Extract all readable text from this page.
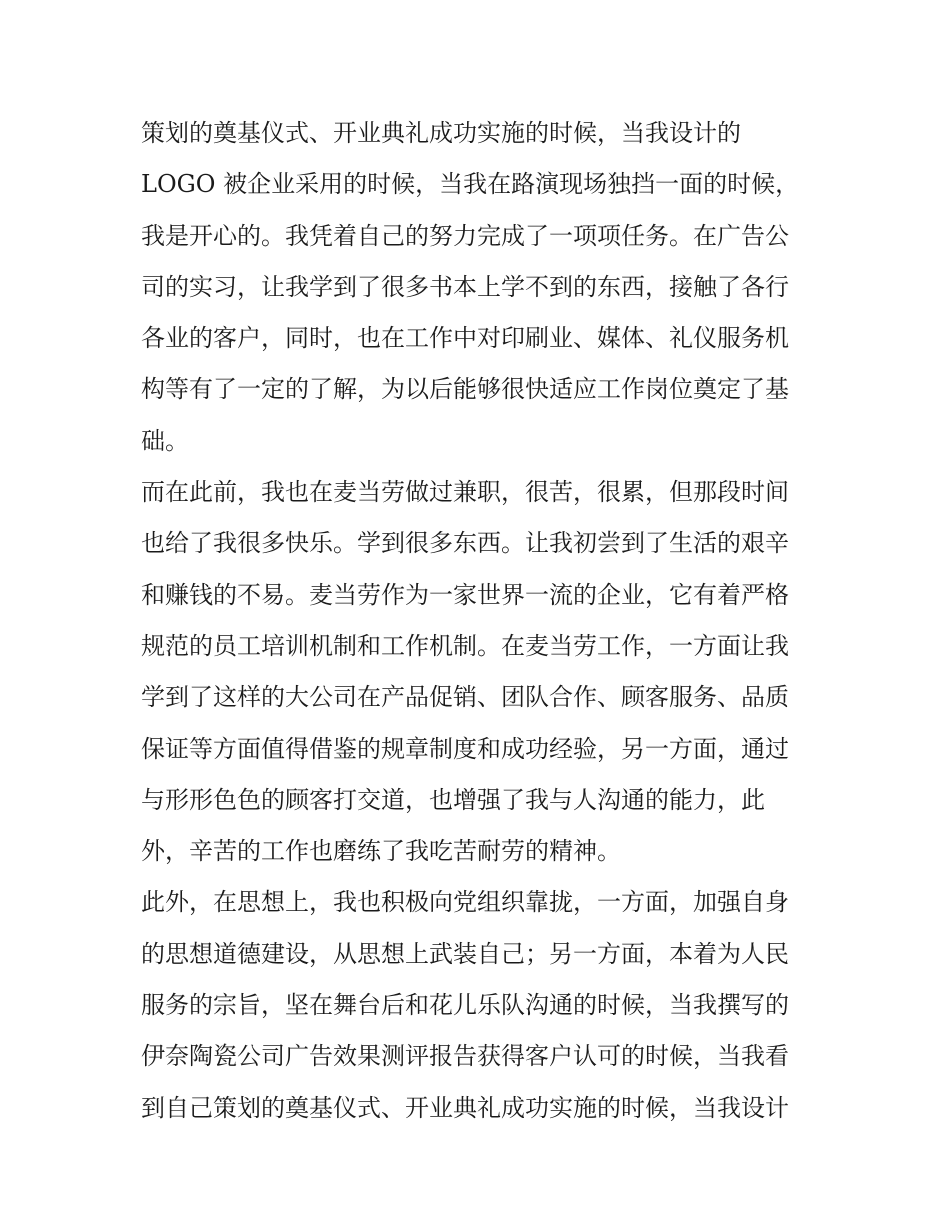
策划的奠基仪式、开业典礼成功实施的时候，当我设计的
LOGO 被企业采用的时候，当我在路演现场独挡一面的时候，
我是开心的。我凭着自己的努力完成了一项项任务。在广告公
司的实习，让我学到了很多书本上学不到的东西，接触了各行
各业的客户，同时，也在工作中对印刷业、媒体、礼仪服务机
构等有了一定的了解，为以后能够很快适应工作岗位奠定了基
础。
而在此前，我也在麦当劳做过兼职，很苦，很累，但那段时间
也给了我很多快乐。学到很多东西。让我初尝到了生活的艰辛
和赚钱的不易。麦当劳作为一家世界一流的企业，它有着严格
规范的员工培训机制和工作机制。在麦当劳工作，一方面让我
学到了这样的大公司在产品促销、团队合作、顾客服务、品质
保证等方面值得借鉴的规章制度和成功经验，另一方面，通过
与形形色色的顾客打交道，也增强了我与人沟通的能力，此
外，辛苦的工作也磨练了我吃苦耐劳的精神。
此外，在思想上，我也积极向党组织靠拢，一方面，加强自身
的思想道德建设，从思想上武装自己；另一方面，本着为人民
服务的宗旨，坚在舞台后和花儿乐队沟通的时候，当我撰写的
伊奈陶瓷公司广告效果测评报告获得客户认可的时候，当我看
到自己策划的奠基仪式、开业典礼成功实施的时候，当我设计
